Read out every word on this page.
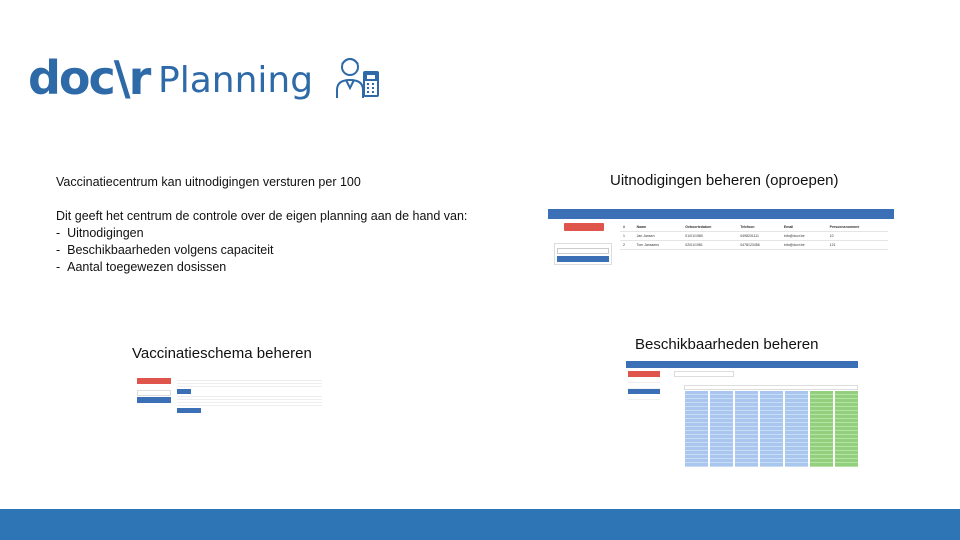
doc\r Planning
Vaccinatiecentrum kan uitnodigingen versturen per 100
Dit geeft het centrum de controle over de eigen planning aan de hand van:
-  Uitnodigingen
-  Beschikbaarheden volgens capaciteit
-  Aantal toegewezen dosissen
Uitnodigingen beheren (oproepen)
Vaccinatieschema beheren
Beschikbaarheden beheren
#	Naam	Geboortedatum	Telefoon	Email	Persoonsnummer
1	Jan Jansen	01/01/1980	0498201111	info@docr.be	10
2	Tom Janssens	02/01/1981	0478123456	info@docr.be	121
